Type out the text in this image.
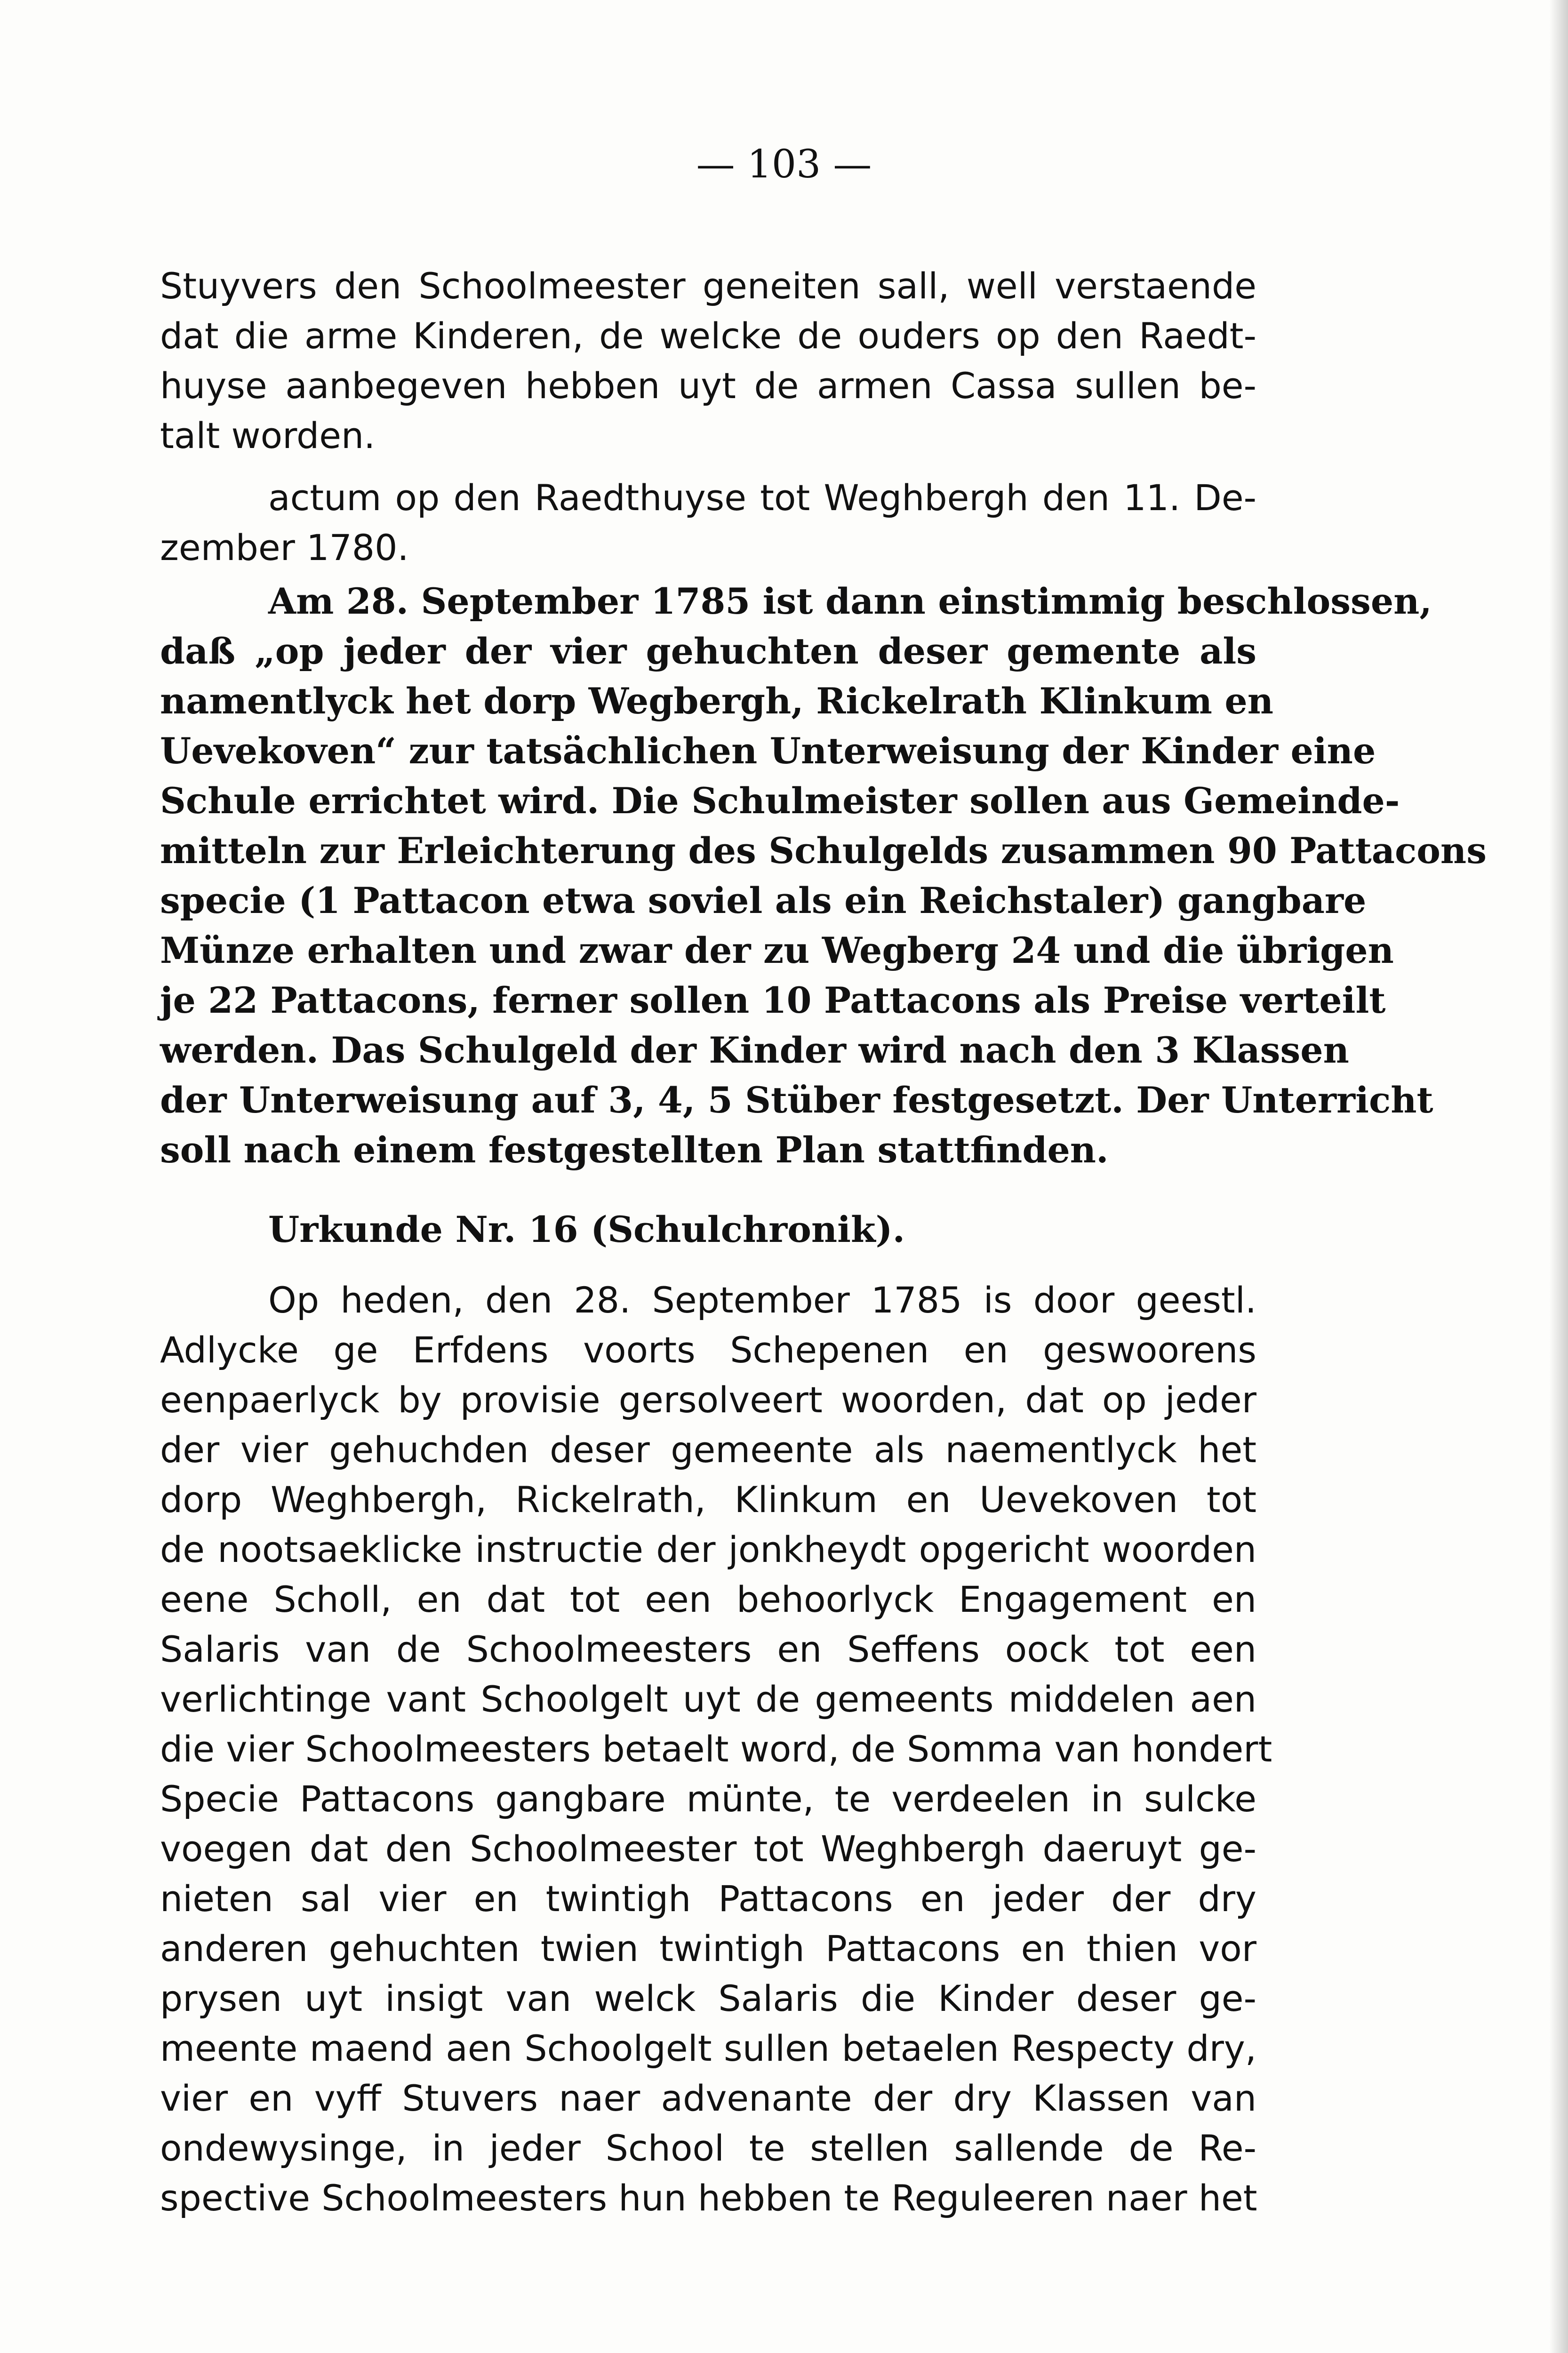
— 103 —
Stuyvers den Schoolmeester geneiten sall, well verstaende
dat die arme Kinderen, de welcke de ouders op den Raedt-
huyse aanbegeven hebben uyt de armen Cassa sullen be-
talt worden.
actum op den Raedthuyse tot Weghbergh den 11. De-
zember 1780.
Am 28. September 1785 ist dann einstimmig beschlossen,
daß „op jeder der vier gehuchten deser gemente als
namentlyck het dorp Wegbergh, Rickelrath Klinkum en
Uevekoven“ zur tatsächlichen Unterweisung der Kinder eine
Schule errichtet wird. Die Schulmeister sollen aus Gemeinde-
mitteln zur Erleichterung des Schulgelds zusammen 90 Pattacons
specie (1 Pattacon etwa soviel als ein Reichstaler) gangbare
Münze erhalten und zwar der zu Wegberg 24 und die übrigen
je 22 Pattacons, ferner sollen 10 Pattacons als Preise verteilt
werden. Das Schulgeld der Kinder wird nach den 3 Klassen
der Unterweisung auf 3, 4, 5 Stüber festgesetzt. Der Unterricht
soll nach einem festgestellten Plan stattfinden.
Urkunde Nr. 16 (Schulchronik).
Op heden, den 28. September 1785 is door geestl.
Adlycke ge Erfdens voorts Schepenen en geswoorens
eenpaerlyck by provisie gersolveert woorden, dat op jeder
der vier gehuchden deser gemeente als naementlyck het
dorp Weghbergh, Rickelrath, Klinkum en Uevekoven tot
de nootsaeklicke instructie der jonkheydt opgericht woorden
eene Scholl, en dat tot een behoorlyck Engagement en
Salaris van de Schoolmeesters en Seffens oock tot een
verlichtinge vant Schoolgelt uyt de gemeents middelen aen
die vier Schoolmeesters betaelt word, de Somma van hondert
Specie Pattacons gangbare münte, te verdeelen in sulcke
voegen dat den Schoolmeester tot Weghbergh daeruyt ge-
nieten sal vier en twintigh Pattacons en jeder der dry
anderen gehuchten twien twintigh Pattacons en thien vor
prysen uyt insigt van welck Salaris die Kinder deser ge-
meente maend aen Schoolgelt sullen betaelen Respecty dry,
vier en vyff Stuvers naer advenante der dry Klassen van
ondewysinge, in jeder School te stellen sallende de Re-
spective Schoolmeesters hun hebben te Reguleeren naer het
